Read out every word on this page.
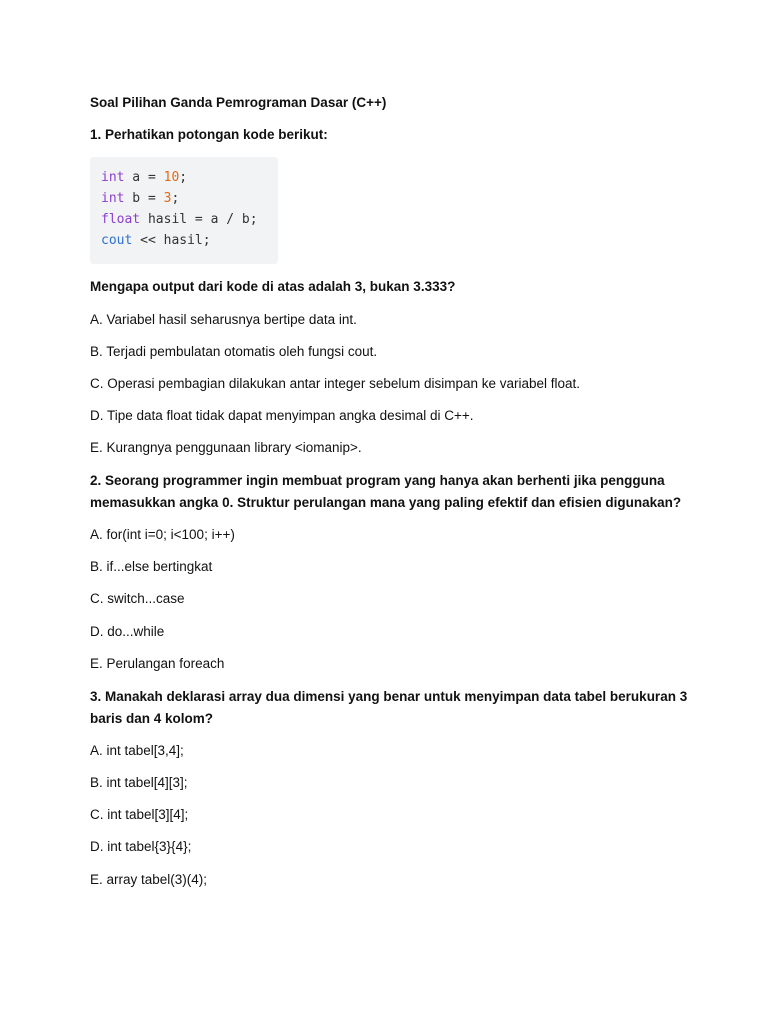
Soal Pilihan Ganda Pemrograman Dasar (C++)

1. Perhatikan potongan kode berikut:

int a = 10;
int b = 3;
float hasil = a / b;
cout << hasil;

Mengapa output dari kode di atas adalah 3, bukan 3.333?

A. Variabel hasil seharusnya bertipe data int.

B. Terjadi pembulatan otomatis oleh fungsi cout.

C. Operasi pembagian dilakukan antar integer sebelum disimpan ke variabel float.

D. Tipe data float tidak dapat menyimpan angka desimal di C++.

E. Kurangnya penggunaan library <iomanip>.

2. Seorang programmer ingin membuat program yang hanya akan berhenti jika pengguna memasukkan angka 0. Struktur perulangan mana yang paling efektif dan efisien digunakan?

A. for(int i=0; i<100; i++)

B. if...else bertingkat

C. switch...case

D. do...while

E. Perulangan foreach

3. Manakah deklarasi array dua dimensi yang benar untuk menyimpan data tabel berukuran 3 baris dan 4 kolom?

A. int tabel[3,4];

B. int tabel[4][3];

C. int tabel[3][4];

D. int tabel{3}{4};

E. array tabel(3)(4);
